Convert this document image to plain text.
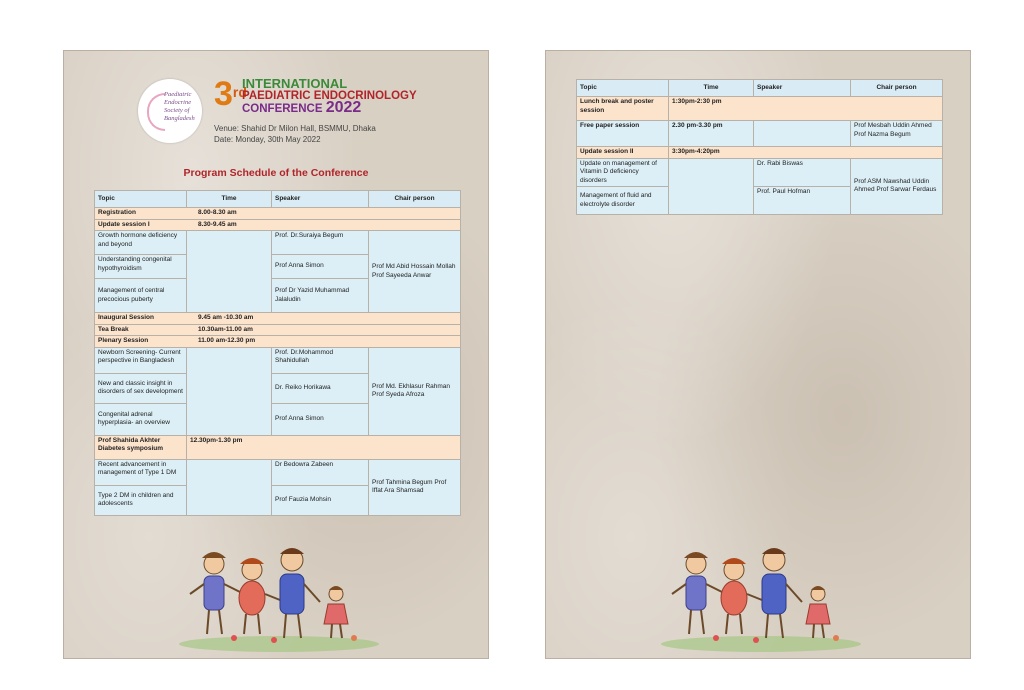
Paediatric
Endocrine
Society of
Bangladesh
3rd
INTERNATIONAL
PAEDIATRIC ENDOCRINOLOGY
CONFERENCE 2022
Venue: Shahid Dr Milon Hall, BSMMU, Dhaka
Date: Monday, 30th May 2022
Program Schedule of the Conference
Topic	Time	Speaker	Chair person
Registration 8.00-8.30 am			
Update session I 8.30-9.45 am			
Growth hormone deficiency and beyond		Prof. Dr.Suraiya Begum	Prof Md Abid Hossain Mollah Prof Sayeeda Anwar
Understanding congenital hypothyroidism		Prof Anna Simon	
Management of central precocious puberty		Prof Dr Yazid Muhammad Jalaludin	
Inaugural Session 9.45 am -10.30 am			
Tea Break 10.30am-11.00 am			
Plenary Session 11.00 am-12.30 pm			
Newborn Screening- Current perspective in Bangladesh		Prof. Dr.Mohammod Shahidullah	Prof Md. Ekhlasur Rahman Prof Syeda Afroza
New and classic insight in disorders of sex development		Dr. Reiko Horikawa	
Congenital adrenal hyperplasia- an overview		Prof Anna Simon	
Prof Shahida Akhter Diabetes symposium	12.30pm-1.30 pm		
Recent advancement in management of Type 1 DM		Dr Bedowra Zabeen	Prof Tahmina Begum Prof Iffat Ara Shamsad
Type 2 DM in children and adolescents		Prof Fauzia Mohsin	
Topic	Time	Speaker	Chair person
Lunch break and poster session	1:30pm-2:30 pm		
Free paper session	2.30 pm-3.30 pm		Prof Mesbah Uddin Ahmed Prof Nazma Begum
Update session II	3:30pm-4:20pm		
Update on management of Vitamin D deficiency disorders		Dr. Rabi Biswas	Prof ASM Nawshad Uddin Ahmed Prof Sarwar Ferdaus
Management of fluid and electrolyte disorder		Prof. Paul Hofman	
